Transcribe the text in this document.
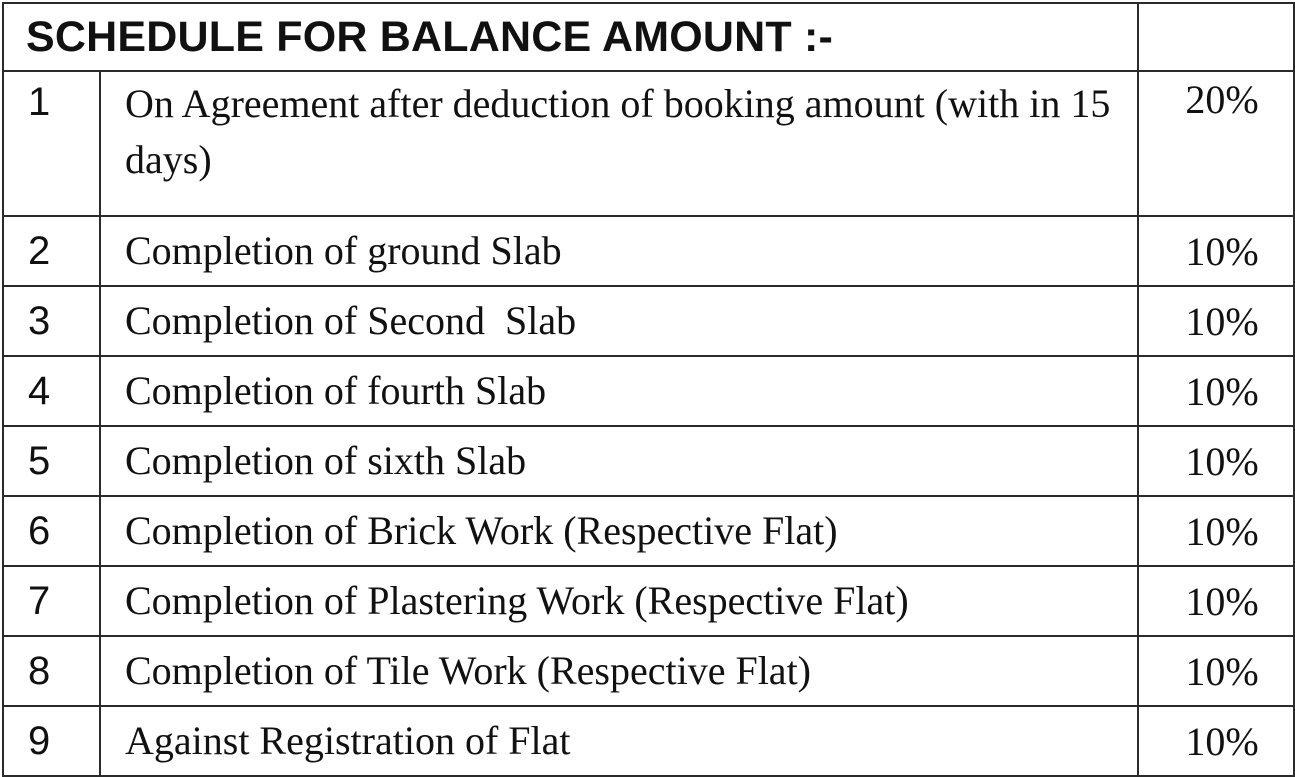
SCHEDULE FOR BALANCE AMOUNT :-		
1	On Agreement after deduction of booking amount (with in 15 days)	20%
2	Completion of ground Slab	10%
3	Completion of Second  Slab	10%
4	Completion of fourth Slab	10%
5	Completion of sixth Slab	10%
6	Completion of Brick Work (Respective Flat)	10%
7	Completion of Plastering Work (Respective Flat)	10%
8	Completion of Tile Work (Respective Flat)	10%
9	Against Registration of Flat	10%
